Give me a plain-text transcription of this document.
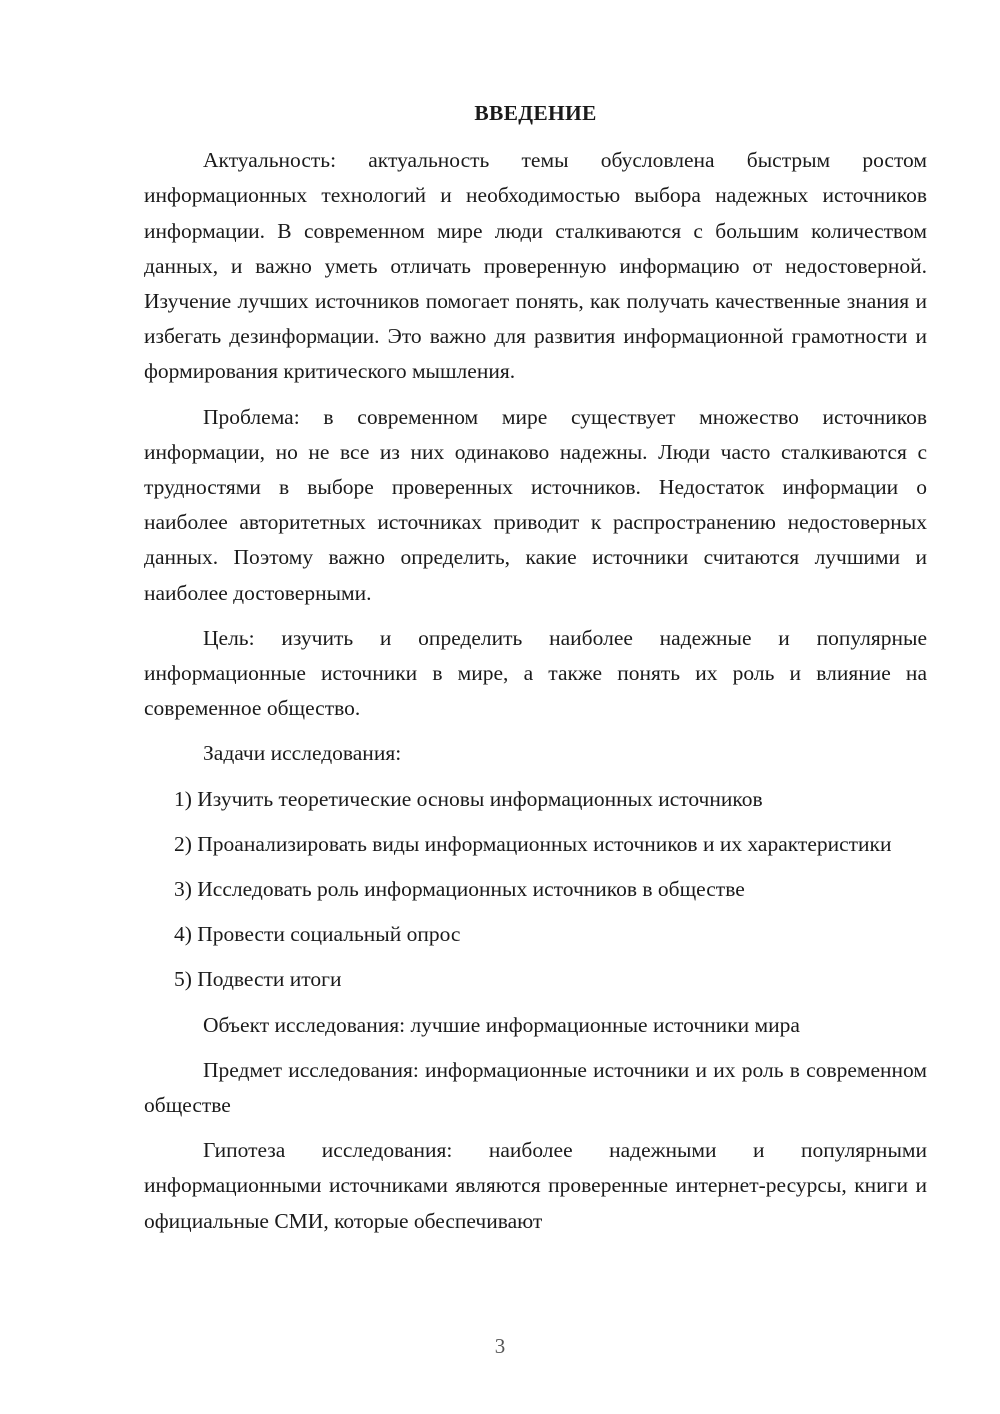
ВВЕДЕНИЕ

Актуальность: актуальность темы обусловлена быстрым ростом информационных технологий и необходимостью выбора надежных источников информации. В современном мире люди сталкиваются с большим количеством данных, и важно уметь отличать проверенную информацию от недостоверной. Изучение лучших источников помогает понять, как получать качественные знания и избегать дезинформации. Это важно для развития информационной грамотности и формирования критического мышления.

Проблема: в современном мире существует множество источников информации, но не все из них одинаково надежны. Люди часто сталкиваются с трудностями в выборе проверенных источников. Недостаток информации о наиболее авторитетных источниках приводит к распространению недостоверных данных. Поэтому важно определить, какие источники считаются лучшими и наиболее достоверными.

Цель: изучить и определить наиболее надежные и популярные информационные источники в мире, а также понять их роль и влияние на современное общество.

Задачи исследования:

1) Изучить теоретические основы информационных источников

2) Проанализировать виды информационных источников и их характеристики

3) Исследовать роль информационных источников в обществе

4) Провести социальный опрос

5) Подвести итоги

Объект исследования: лучшие информационные источники мира

Предмет исследования: информационные источники и их роль в современном обществе

Гипотеза исследования: наиболее надежными и популярными информационными источниками являются проверенные интернет-ресурсы, книги и официальные СМИ, которые обеспечивают

3
